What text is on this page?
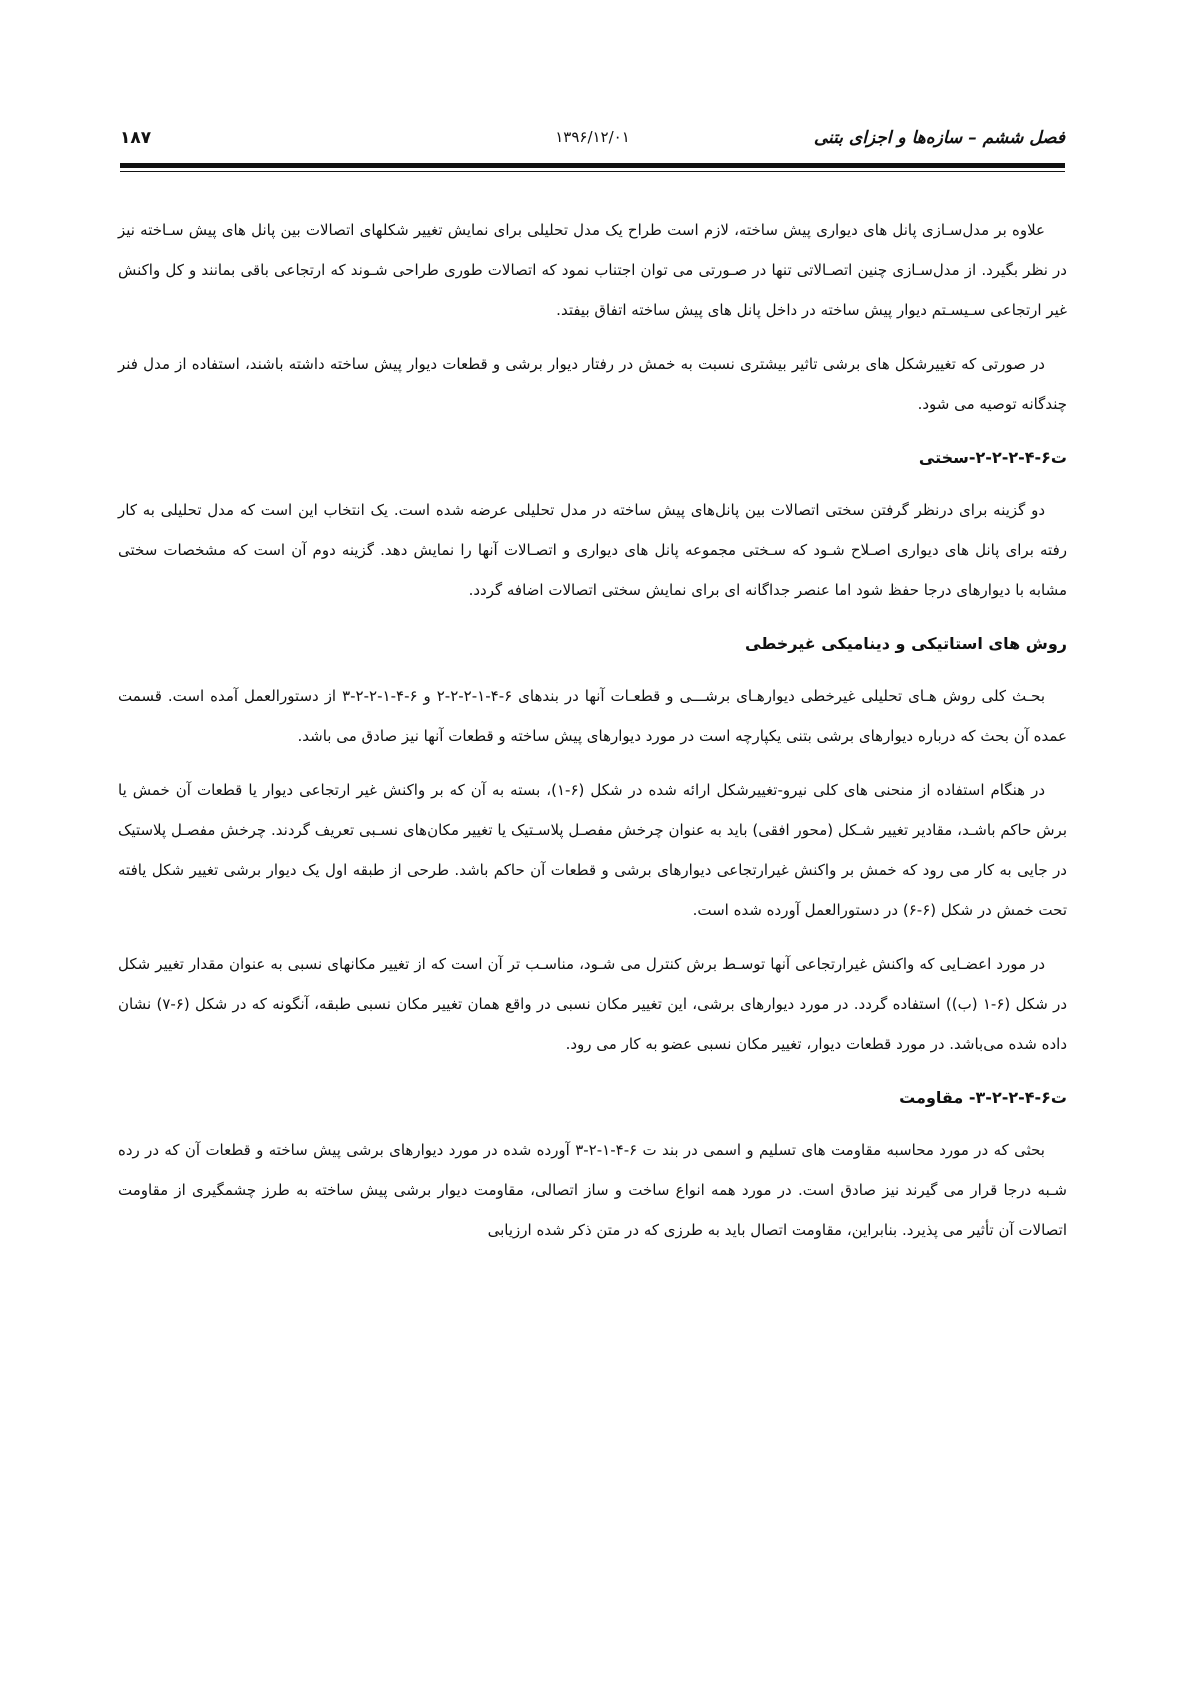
فصل ششم – سازه‌ها و اجزای بتنی
۱۳۹۶/۱۲/۰۱
۱۸۷

علاوه بر مدل‌سـازی پانل های دیواری پیش ساخته، لازم است طراح یک مدل تحلیلی برای نمایش تغییر شکلهای اتصالات بین پانل های پیش سـاخته نیز در نظر بگیرد. از مدل‌سـازی چنین اتصـالاتی تنها در صـورتی می توان اجتناب نمود که اتصالات طوری طراحی شـوند که ارتجاعی باقی بمانند و کل واکنش غیر ارتجاعی سـیسـتم دیوار پیش ساخته در داخل پانل های پیش ساخته اتفاق بیفتد.

در صورتی که تغییرشکل های برشی تاثیر بیشتری نسبت به خمش در رفتار دیوار برشی و قطعات دیوار پیش ساخته داشته باشند، استفاده از مدل فنر چندگانه توصیه می شود.

ت۶-۴-۲-۲-۲-سختی

دو گزینه برای درنظر گرفتن سختی اتصالات بین پانل‌های پیش ساخته در مدل تحلیلی عرضه شده است. یک انتخاب این است که مدل تحلیلی به کار رفته برای پانل های دیواری اصـلاح شـود که سـختی مجموعه پانل های دیواری و اتصـالات آنها را نمایش دهد. گزینه دوم آن است که مشخصات سختی مشابه با دیوارهای درجا حفظ شود اما عنصر جداگانه ای برای نمایش سختی اتصالات اضافه گردد.

روش های استاتیکی و دینامیکی غیرخطی

بحـث کلی روش هـای تحلیلی غیرخطی دیوارهـای برشـــی و قطعـات آنها در بندهای ۶-۴-۱-۲-۲-۲ و ۶-۴-۱-۲-۲-۳ از دستورالعمل آمده است. قسمت عمده آن بحث که درباره دیوارهای برشی بتنی یکپارچه است در مورد دیوارهای پیش ساخته و قطعات آنها نیز صادق می باشد.

در هنگام استفاده از منحنی های کلی نیرو-تغییرشکل ارائه شده در شکل (۶-۱)، بسته به آن که بر واکنش غیر ارتجاعی دیوار یا قطعات آن خمش یا برش حاکم باشـد، مقادیر تغییر شـکل (محور افقی) باید به عنوان چرخش مفصـل پلاسـتیک یا تغییر مکان‌های نسـبی تعریف گردند. چرخش مفصـل پلاستیک در جایی به کار می رود که خمش بر واکنش غیرارتجاعی دیوارهای برشی و قطعات آن حاکم باشد. طرحی از طبقه اول یک دیوار برشی تغییر شکل یافته تحت خمش در شکل (۶-۶) در دستورالعمل آورده شده است.

در مورد اعضـایی که واکنش غیرارتجاعی آنها توسـط برش کنترل می شـود، مناسـب تر آن است که از تغییر مکانهای نسبی به عنوان مقدار تغییر شکل در شکل (۶-۱ (ب)) استفاده گردد. در مورد دیوارهای برشی، این تغییر مکان نسبی در واقع همان تغییر مکان نسبی طبقه، آنگونه که در شکل (۶-۷) نشان داده شده می‌باشد. در مورد قطعات دیوار، تغییر مکان نسبی عضو به کار می رود.

ت۶-۴-۲-۲-۳- مقاومت

بحثی که در مورد محاسبه مقاومت های تسلیم و اسمی در بند ت ۶-۴-۱-۲-۳ آورده شده در مورد دیوارهای برشی پیش ساخته و قطعات آن که در رده شـبه درجا قرار می گیرند نیز صادق است. در مورد همه انواع ساخت و ساز اتصالی، مقاومت دیوار برشی پیش ساخته به طرز چشمگیری از مقاومت اتصالات آن تأثیر می پذیرد. بنابراین، مقاومت اتصال باید به طرزی که در متن ذکر شده ارزیابی
